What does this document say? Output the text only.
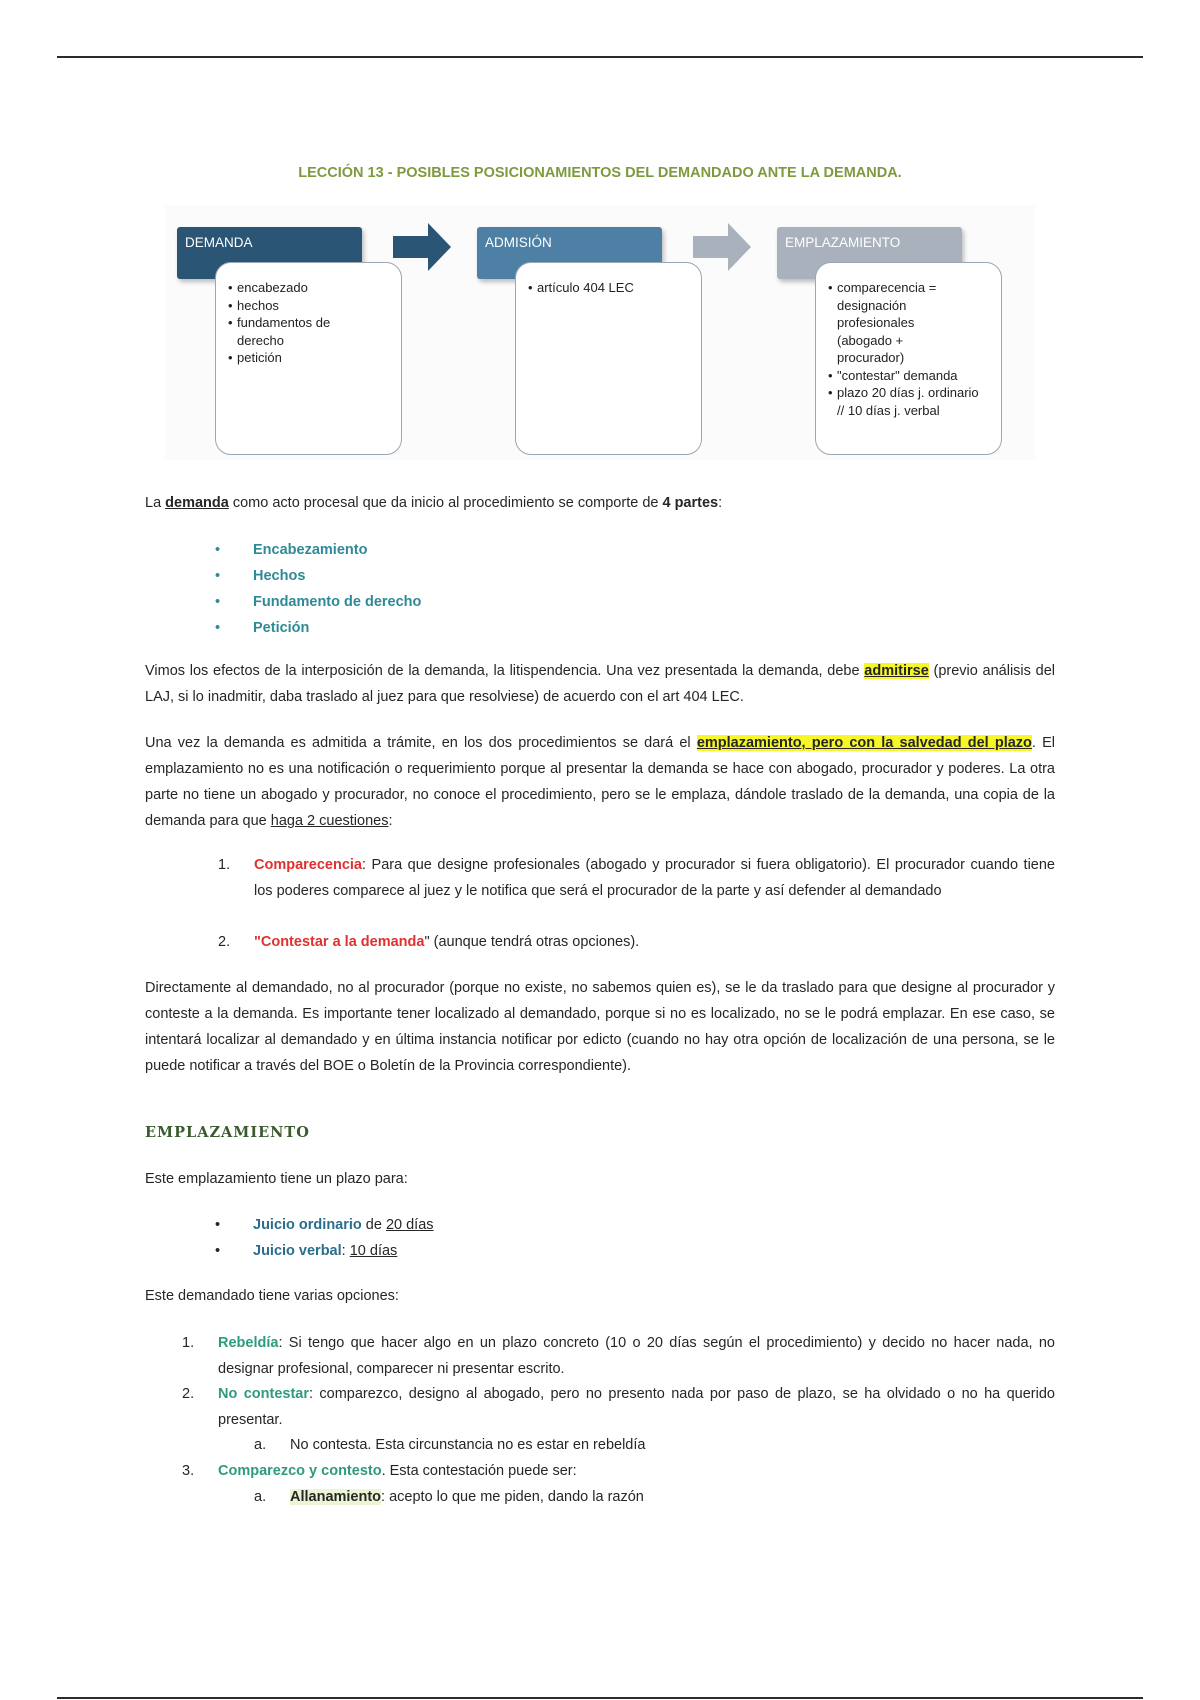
LECCIÓN 13 - POSIBLES POSICIONAMIENTOS DEL DEMANDADO ANTE LA DEMANDA.
DEMANDA
• encabezado
• hechos
• fundamentos de derecho
• petición
ADMISIÓN
• artículo 404 LEC
EMPLAZAMIENTO
• comparecencia = designación profesionales (abogado + procurador)
• "contestar" demanda
• plazo 20 días j. ordinario // 10 días j. verbal
La demanda como acto procesal que da inicio al procedimiento se comporte de 4 partes:
• Encabezamiento
• Hechos
• Fundamento de derecho
• Petición
Vimos los efectos de la interposición de la demanda, la litispendencia. Una vez presentada la demanda, debe admitirse (previo análisis del LAJ, si lo inadmitir, daba traslado al juez para que resolviese) de acuerdo con el art 404 LEC.
Una vez la demanda es admitida a trámite, en los dos procedimientos se dará el emplazamiento, pero con la salvedad del plazo. El emplazamiento no es una notificación o requerimiento porque al presentar la demanda se hace con abogado, procurador y poderes. La otra parte no tiene un abogado y procurador, no conoce el procedimiento, pero se le emplaza, dándole traslado de la demanda, una copia de la demanda para que haga 2 cuestiones:
1. Comparecencia: Para que designe profesionales (abogado y procurador si fuera obligatorio). El procurador cuando tiene los poderes comparece al juez y le notifica que será el procurador de la parte y así defender al demandado
2. "Contestar a la demanda" (aunque tendrá otras opciones).
Directamente al demandado, no al procurador (porque no existe, no sabemos quien es), se le da traslado para que designe al procurador y conteste a la demanda. Es importante tener localizado al demandado, porque si no es localizado, no se le podrá emplazar. En ese caso, se intentará localizar al demandado y en última instancia notificar por edicto (cuando no hay otra opción de localización de una persona, se le puede notificar a través del BOE o Boletín de la Provincia correspondiente).
EMPLAZAMIENTO
Este emplazamiento tiene un plazo para:
• Juicio ordinario de 20 días
• Juicio verbal: 10 días
Este demandado tiene varias opciones:
1. Rebeldía: Si tengo que hacer algo en un plazo concreto (10 o 20 días según el procedimiento) y decido no hacer nada, no designar profesional, comparecer ni presentar escrito.
2. No contestar: comparezco, designo al abogado, pero no presento nada por paso de plazo, se ha olvidado o no ha querido presentar.
a. No contesta. Esta circunstancia no es estar en rebeldía
3. Comparezco y contesto. Esta contestación puede ser:
a. Allanamiento: acepto lo que me piden, dando la razón
